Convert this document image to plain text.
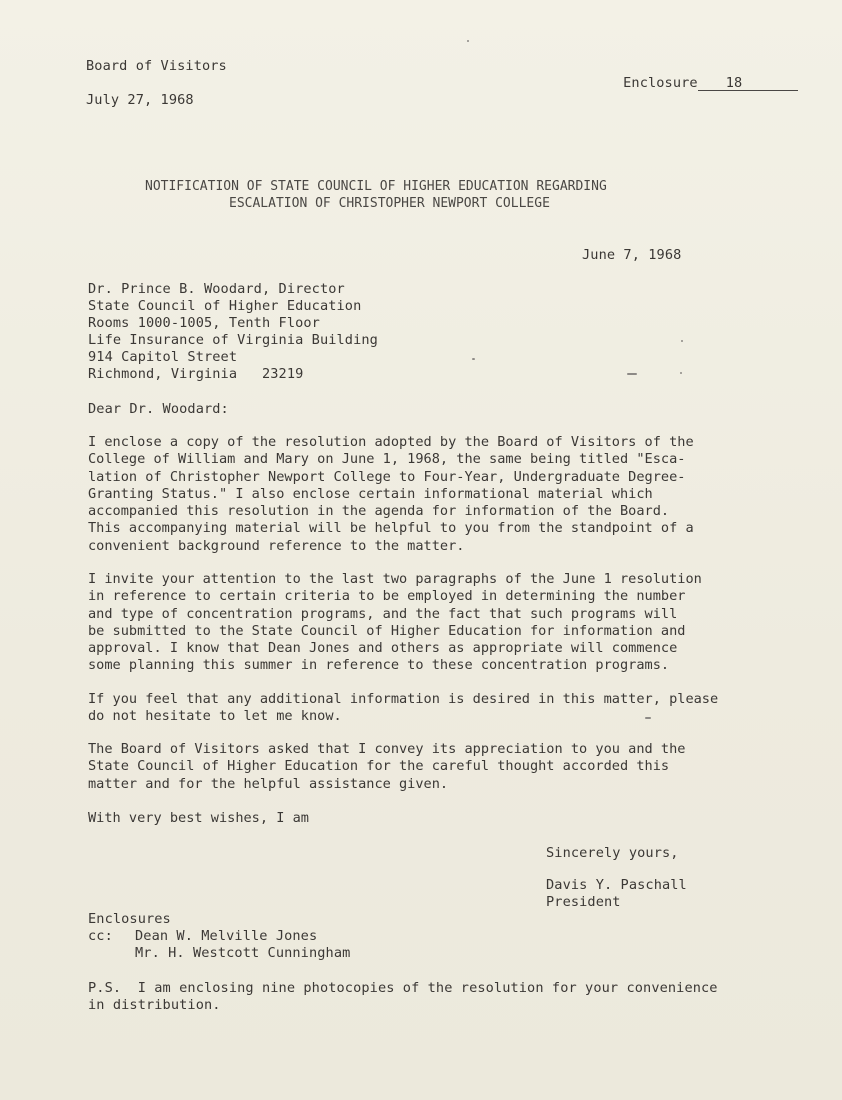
Board of Visitors
July 27, 1968

Enclosure 18

NOTIFICATION OF STATE COUNCIL OF HIGHER EDUCATION REGARDING
ESCALATION OF CHRISTOPHER NEWPORT COLLEGE
June 7, 1968
Dr. Prince B. Woodard, Director
State Council of Higher Education
Rooms 1000-1005, Tenth Floor
Life Insurance of Virginia Building
914 Capitol Street
Richmond, Virginia   23219
Dear Dr. Woodard:
I enclose a copy of the resolution adopted by the Board of Visitors of the
College of William and Mary on June 1, 1968, the same being titled "Esca-
lation of Christopher Newport College to Four-Year, Undergraduate Degree-
Granting Status." I also enclose certain informational material which
accompanied this resolution in the agenda for information of the Board.
This accompanying material will be helpful to you from the standpoint of a
convenient background reference to the matter.
I invite your attention to the last two paragraphs of the June 1 resolution
in reference to certain criteria to be employed in determining the number
and type of concentration programs, and the fact that such programs will
be submitted to the State Council of Higher Education for information and
approval. I know that Dean Jones and others as appropriate will commence
some planning this summer in reference to these concentration programs.
If you feel that any additional information is desired in this matter, please
do not hesitate to let me know.
The Board of Visitors asked that I convey its appreciation to you and the
State Council of Higher Education for the careful thought accorded this
matter and for the helpful assistance given.
With very best wishes, I am
Sincerely yours,
Davis Y. Paschall
President
Enclosures
cc: Dean W. Melville Jones
Mr. H. Westcott Cunningham
P.S.  I am enclosing nine photocopies of the resolution for your convenience
in distribution.
